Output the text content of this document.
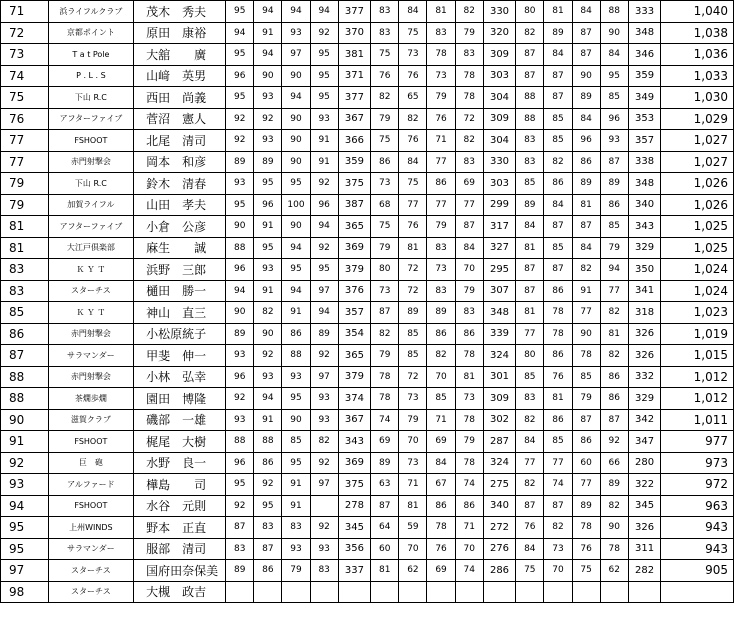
71	浜ライフルクラブ	茂木　秀夫	95	94	94	94	377	83	84	81	82	330	80	81	84	88	333	1,040
72	京都ポイント	原田　康裕	94	91	93	92	370	83	75	83	79	320	82	89	87	90	348	1,038
73	T a t Pole	大舘　　廣	95	94	97	95	381	75	73	78	83	309	87	84	87	84	346	1,036
74	P . L . S	山﨑　英男	96	90	90	95	371	76	76	73	78	303	87	87	90	95	359	1,033
75	下山 R.C	西田　尚義	95	93	94	95	377	82	65	79	78	304	88	87	89	85	349	1,030
76	アフターファイブ	菅沼　憲人	92	92	90	93	367	79	82	76	72	309	88	85	84	96	353	1,029
77	FSHOOT	北尾　清司	92	93	90	91	366	75	76	71	82	304	83	85	96	93	357	1,027
77	赤門射撃会	岡本　和彦	89	89	90	91	359	86	84	77	83	330	83	82	86	87	338	1,027
79	下山 R.C	鈴木　清春	93	95	95	92	375	73	75	86	69	303	85	86	89	89	348	1,026
79	加賀ライフル	山田　孝夫	95	96	100	96	387	68	77	77	77	299	89	84	81	86	340	1,026
81	アフターファイブ	小倉　公彦	90	91	90	94	365	75	76	79	87	317	84	87	87	85	343	1,025
81	大江戸倶楽部	麻生　　誠	88	95	94	92	369	79	81	83	84	327	81	85	84	79	329	1,025
83	Ｋ Ｙ Ｔ	浜野　三郎	96	93	95	95	379	80	72	73	70	295	87	87	82	94	350	1,024
83	スターチス	樋田　勝一	94	91	94	97	376	73	72	83	79	307	87	86	91	77	341	1,024
85	Ｋ Ｙ Ｔ	神山　直三	90	82	91	94	357	87	89	89	83	348	81	78	77	82	318	1,023
86	赤門射撃会	小松原統子	89	90	86	89	354	82	85	86	86	339	77	78	90	81	326	1,019
87	サラマンダー	甲斐　伸一	93	92	88	92	365	79	85	82	78	324	80	86	78	82	326	1,015
88	赤門射撃会	小林　弘幸	96	93	93	97	379	78	72	70	81	301	85	76	85	86	332	1,012
88	茶燗歩燗	園田　博隆	92	94	95	93	374	78	73	85	73	309	83	81	79	86	329	1,012
90	滋賀クラブ	磯部　一雄	93	91	90	93	367	74	79	71	78	302	82	86	87	87	342	1,011
91	FSHOOT	梶尾　大樹	88	88	85	82	343	69	70	69	79	287	84	85	86	92	347	977
92	巨　砲	水野　良一	96	86	95	92	369	89	73	84	78	324	77	77	60	66	280	973
93	アルファード	樺島　　司	95	92	91	97	375	63	71	67	74	275	82	74	77	89	322	972
94	FSHOOT	水谷　元則	92	95	91		278	87	81	86	86	340	87	87	89	82	345	963
95	上州WINDS	野本　正直	87	83	83	92	345	64	59	78	71	272	76	82	78	90	326	943
95	サラマンダー	服部　清司	83	87	93	93	356	60	70	76	70	276	84	73	76	78	311	943
97	スターチス	国府田奈保美	89	86	79	83	337	81	62	69	74	286	75	70	75	62	282	905
98	スターチス	大槻　政吉																
